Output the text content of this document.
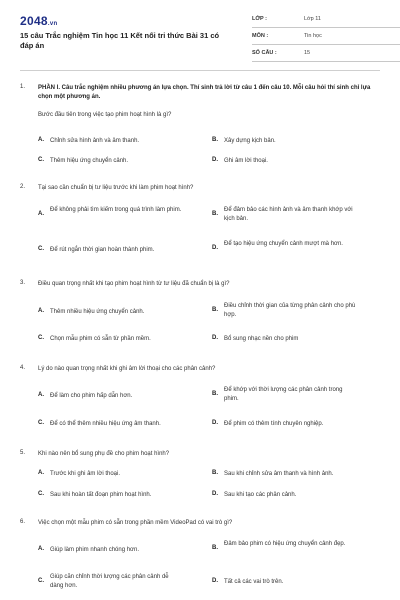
2048.vn
15 câu Trắc nghiệm Tin học 11 Kết nối tri thức Bài 31 có đáp án
LỚP :	Lớp 11
MÔN :	Tin học
SỐ CÂU :	15
1. PHẦN I. Câu trắc nghiệm nhiều phương án lựa chọn. Thí sinh trả lời từ câu 1 đến câu 10. Mỗi câu hỏi thí sinh chỉ lựa chọn một phương án.
Bước đầu tiên trong việc tạo phim hoạt hình là gì?
A. Chỉnh sửa hình ảnh và âm thanh.	B. Xây dựng kịch bản.
C. Thêm hiệu ứng chuyển cảnh.	D. Ghi âm lời thoại.
2. Tại sao cần chuẩn bị tư liệu trước khi làm phim hoạt hình?
A.
Để không phải tìm kiếm trong quá trình làm phim.
B.
Để đảm bảo các hình ảnh và âm thanh khớp với kịch bản.
C. Để rút ngắn thời gian hoàn thành phim.	D.
Để tạo hiệu ứng chuyển cảnh mượt mà hơn.
3. Điều quan trọng nhất khi tạo phim hoạt hình từ tư liệu đã chuẩn bị là gì?
A. Thêm nhiều hiệu ứng chuyển cảnh.	B.
Điều chỉnh thời gian của từng phân cảnh cho phù hợp.
C. Chọn mẫu phim có sẵn từ phần mềm.	D. Bổ sung nhạc nền cho phim
4. Lý do nào quan trọng nhất khi ghi âm lời thoại cho các phân cảnh?
A. Để làm cho phim hấp dẫn hơn.	B.
Để khớp với thời lượng các phân cảnh trong phim.
C. Để có thể thêm nhiều hiệu ứng âm thanh.	D. Để phim có thêm tính chuyên nghiệp.
5. Khi nào nên bổ sung phụ đề cho phim hoạt hình?
A. Trước khi ghi âm lời thoại.	B. Sau khi chỉnh sửa âm thanh và hình ảnh.
C. Sau khi hoàn tất đoạn phim hoạt hình.	D. Sau khi tạo các phân cảnh.
6. Việc chọn một mẫu phim có sẵn trong phần mềm VideoPad có vai trò gì?
A. Giúp làm phim nhanh chóng hơn.	B.
Đảm bảo phim có hiệu ứng chuyển cảnh đẹp.
C.
Giúp căn chỉnh thời lượng các phân cảnh dễ dàng hơn.
D. Tất cả các vai trò trên.
